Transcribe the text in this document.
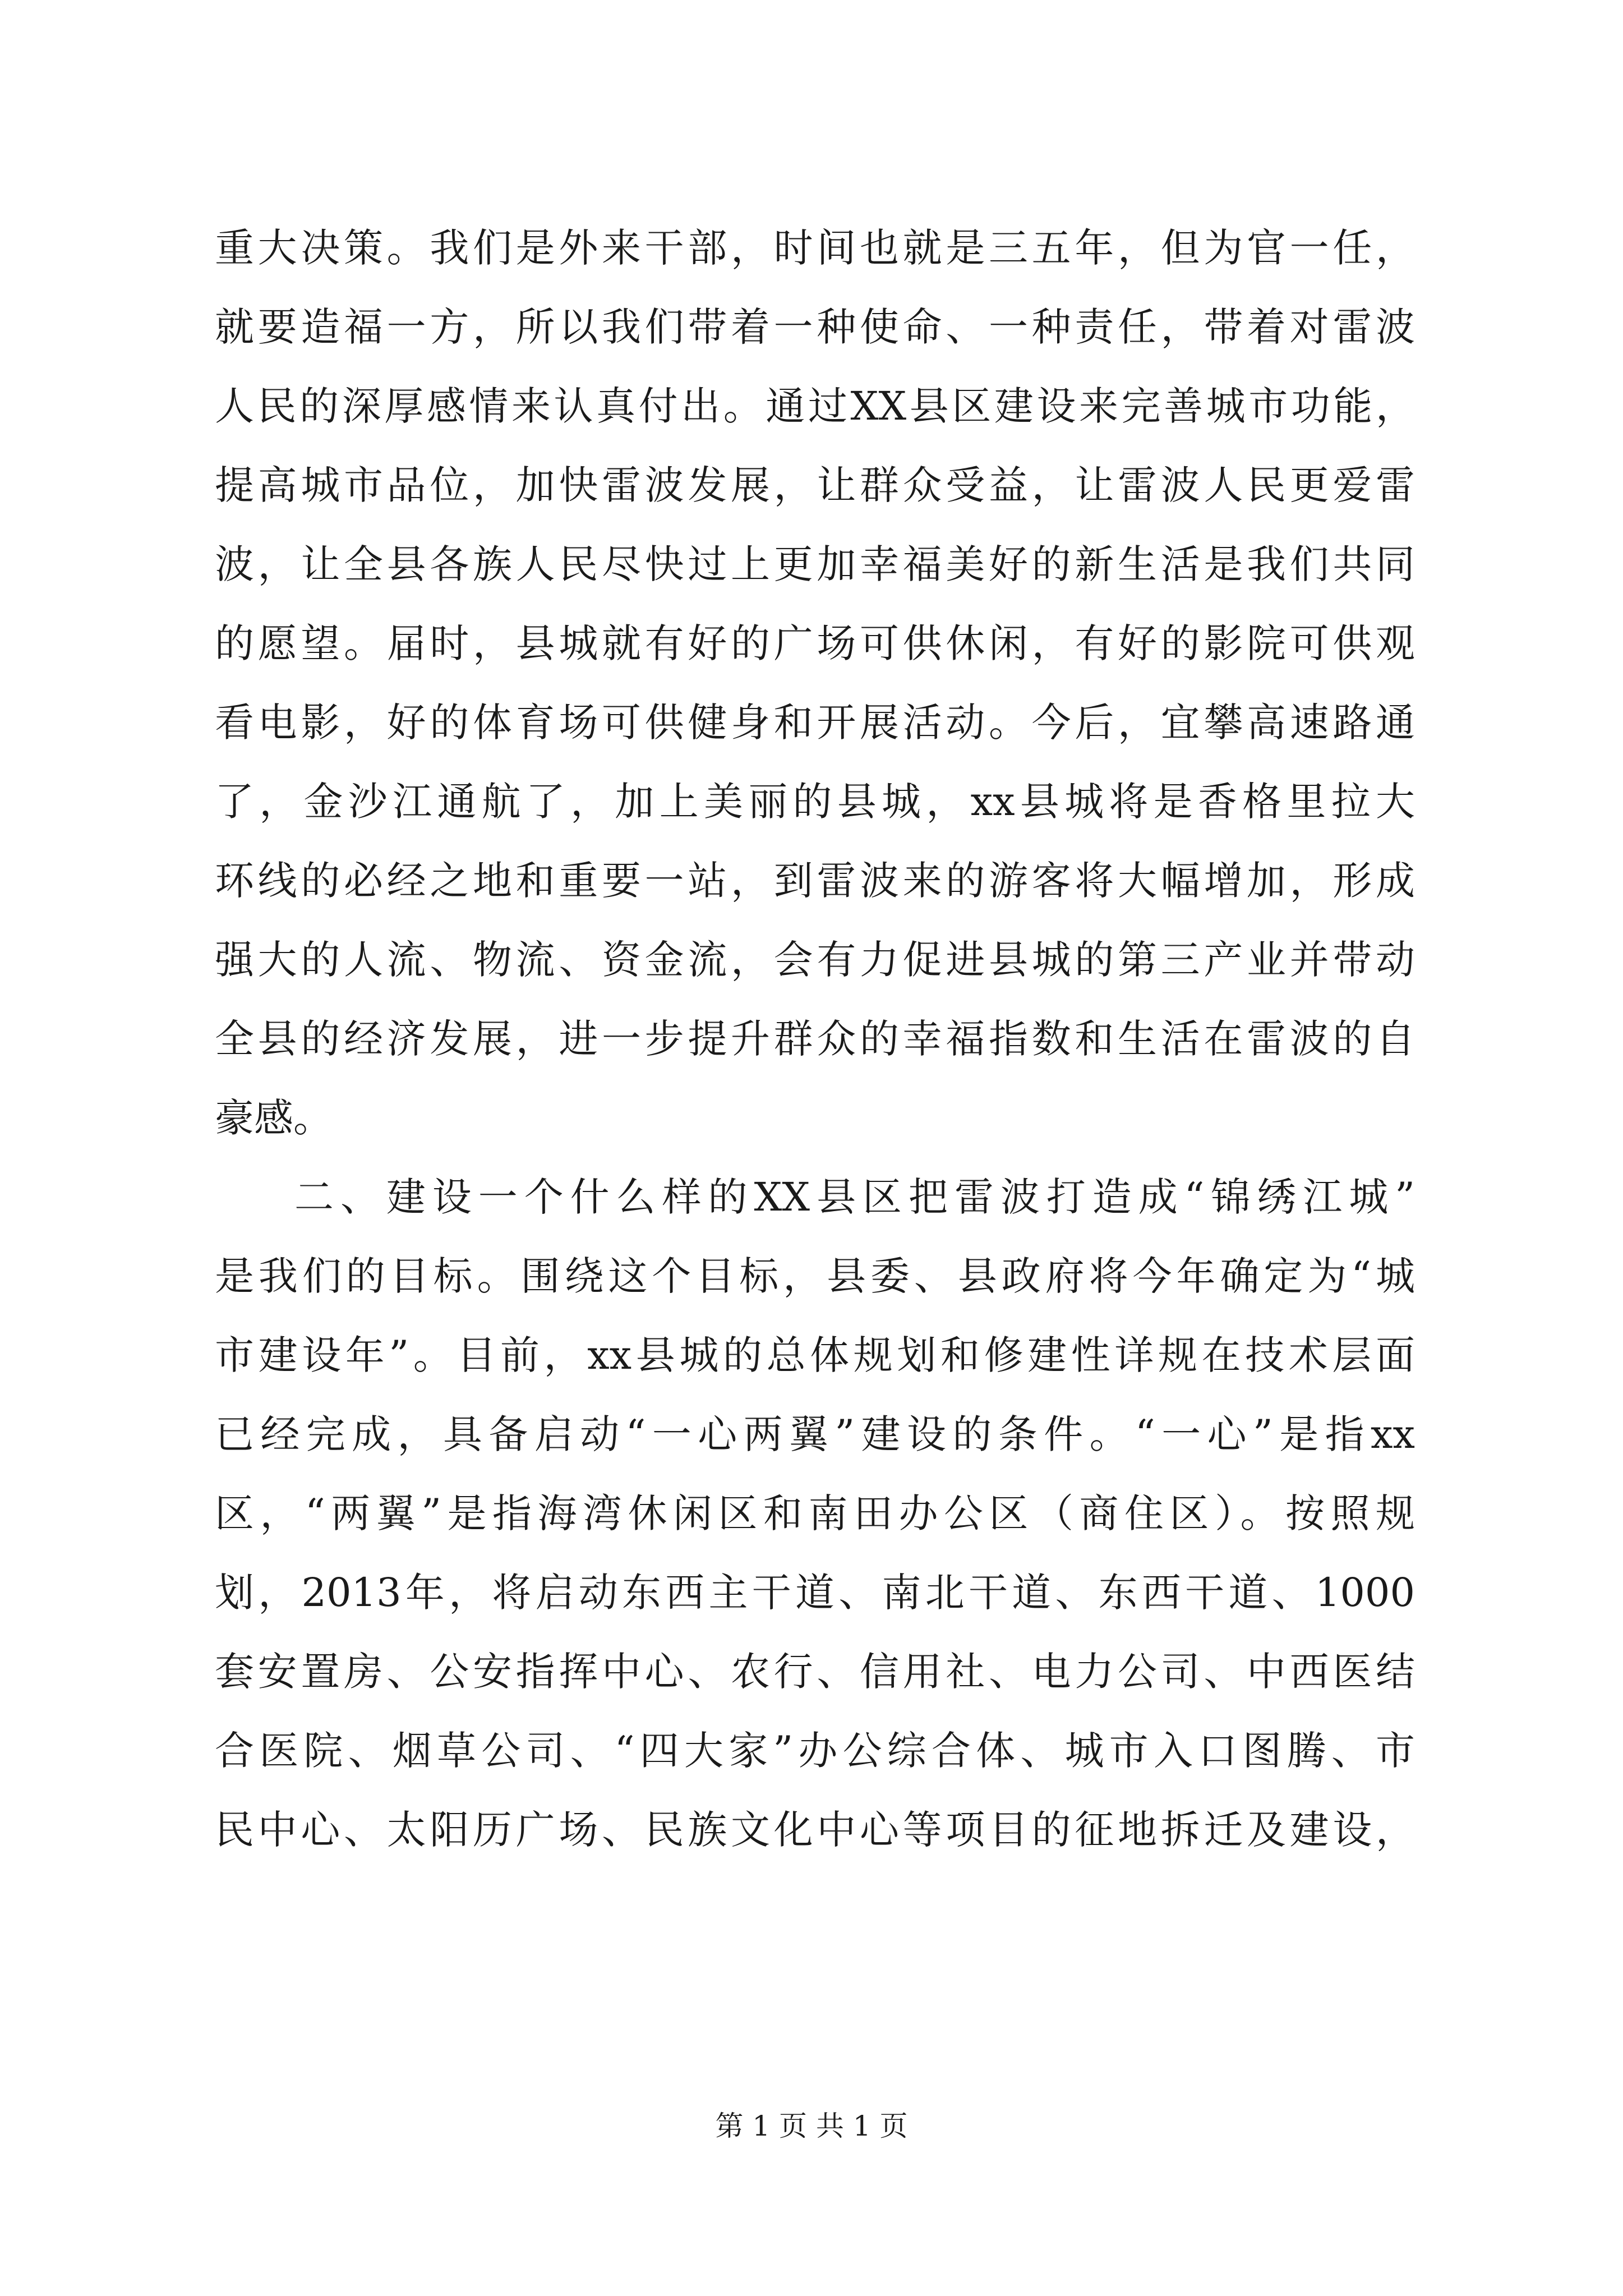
重大决策。我们是外来干部，时间也就是三五年，但为官一任，
就要造福一方，所以我们带着一种使命、一种责任，带着对雷波
人民的深厚感情来认真付出。通过XX县区建设来完善城市功能，
提高城市品位，加快雷波发展，让群众受益，让雷波人民更爱雷
波，让全县各族人民尽快过上更加幸福美好的新生活是我们共同
的愿望。届时，县城就有好的广场可供休闲，有好的影院可供观
看电影，好的体育场可供健身和开展活动。今后，宜攀高速路通
了，金沙江通航了，加上美丽的县城，xx县城将是香格里拉大
环线的必经之地和重要一站，到雷波来的游客将大幅增加，形成
强大的人流、物流、资金流，会有力促进县城的第三产业并带动
全县的经济发展，进一步提升群众的幸福指数和生活在雷波的自
豪感。
二、建设一个什么样的XX县区把雷波打造成“锦绣江城”
是我们的目标。围绕这个目标，县委、县政府将今年确定为“城
市建设年”。目前，xx县城的总体规划和修建性详规在技术层面
已经完成，具备启动“一心两翼”建设的条件。“一心”是指xx
区，“两翼”是指海湾休闲区和南田办公区（商住区）。按照规
划，2013年，将启动东西主干道、南北干道、东西干道、1000
套安置房、公安指挥中心、农行、信用社、电力公司、中西医结
合医院、烟草公司、“四大家”办公综合体、城市入口图腾、市
民中心、太阳历广场、民族文化中心等项目的征地拆迁及建设，
第 1 页 共 1 页
